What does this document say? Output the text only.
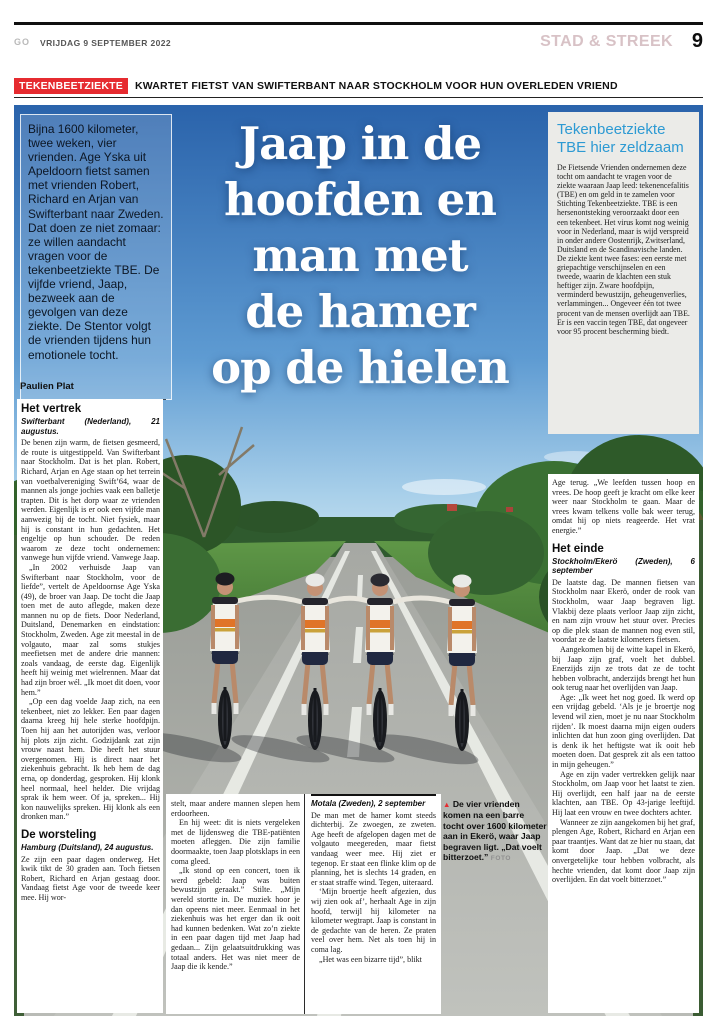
GO VRIJDAG 9 SEPTEMBER 2022	STAD & STREEK 9
TEKENBEETZIEKTE	KWARTET FIETST VAN SWIFTERBANT NAAR STOCKHOLM VOOR HUN OVERLEDEN VRIEND
Jaap in de
hoofden en
man met
de hamer
op de hielen
Bijna 1600 kilometer, twee weken, vier vrienden. Age Yska uit Apeldoorn fietst samen met vrienden Robert, Richard en Arjan van Swifterbant naar Zweden. Dat doen ze niet zomaar: ze willen aandacht vragen voor de tekenbeetziekte TBE. De vijfde vriend, Jaap, bezweek aan de gevolgen van deze ziekte. De Stentor volgt de vrienden tijdens hun emotionele tocht.
Paulien Plat
Het vertrek
Swifterbant (Nederland), 21 augustus.

De benen zijn warm, de fietsen gesmeerd, de route is uitgestippeld. Van Swifterbant naar Stockholm. Dat is het plan. Robert, Richard, Arjan en Age staan op het terrein van voetbalvereniging Swift’64, waar de mannen als jonge jochies vaak een balletje trapten. Dit is het dorp waar ze vrienden werden. Eigenlijk is er ook een vijfde man aanwezig bij de tocht. Niet fysiek, maar hij is constant in hun gedachten. Het engeltje op hun schouder. De reden waarom ze deze tocht ondernemen: vanwege hun vijfde vriend. Vanwege Jaap.

„In 2002 verhuisde Jaap van Swifterbant naar Stockholm, voor de liefde”, vertelt de Apeldoornse Age Yska (49), de broer van Jaap. De tocht die Jaap toen met de auto aflegde, maken deze mannen nu op de fiets. Door Nederland, Duitsland, Denemarken en eindstation: Stockholm, Zweden. Age zit meestal in de volgauto, maar zal soms stukjes meefietsen met de andere drie mannen: zoals vandaag, de eerste dag. Eigenlijk heeft hij weinig met wielrennen. Maar dat had zijn broer wél. „Ik moet dit doen, voor hem.”

„Op een dag voelde Jaap zich, na een tekenbeet, niet zo lekker. Een paar dagen daarna kreeg hij hele sterke hoofdpijn. Toen hij aan het autorijden was, verloor hij plots zijn zicht. Godzijdank zat zijn vrouw naast hem. Die heeft het stuur overgenomen. Hij is direct naar het ziekenhuis gebracht. Ik heb hem de dag erna, op donderdag, gesproken. Hij klonk heel normaal, heel helder. Die vrijdag sprak ik hem weer. Of ja, spreken... Hij kon nauwelijks spreken. Hij klonk als een dronken man.”

De worsteling
Hamburg (Duitsland), 24 augustus.

Ze zijn een paar dagen onderweg. Het kwik tikt de 30 graden aan. Toch fietsen Robert, Richard en Arjan gestaag door. Vandaag fietst Age voor de tweede keer mee. Hij wor-

stelt, maar andere mannen slepen hem erdoorheen.

En hij weet: dit is niets vergeleken met de lijdensweg die TBE-patiënten moeten afleggen. Die zijn familie doormaakte, toen Jaap plotsklaps in een coma gleed.

„Ik stond op een concert, toen ik werd gebeld: Jaap was buiten bewustzijn geraakt.” Stilte. „Mijn wereld stortte in. De muziek hoor je dan opeens niet meer. Eenmaal in het ziekenhuis was het erger dan ik ooit had kunnen bedenken. Wat zo’n ziekte in een paar dagen tijd met Jaap had gedaan... Zijn gelaatsuitdrukking was totaal anders. Het was niet meer de Jaap die ik kende.”

Motala (Zweden), 2 september

De man met de hamer komt steeds dichterbij. Ze zwoegen, ze zweten. Age heeft de afgelopen dagen met de volgauto meegereden, maar fietst vandaag weer mee. Hij ziet er tegenop. Er staat een flinke klim op de planning, het is slechts 14 graden, en er staat straffe wind. Tegen, uiteraard.

‘Mijn broertje heeft afgezien, dus wij zien ook af’, herhaalt Age in zijn hoofd, terwijl hij kilometer na kilometer wegtrapt. Jaap is constant in de gedachte van de heren. Ze praten veel over hem. Net als toen hij in coma lag.

„Het was een bizarre tijd”, blikt

▲ De vier vrienden komen na een barre tocht over 1600 kilometer aan in Ekerö, waar Jaap begraven ligt. „Dat voelt bitterzoet.” FOTO
Tekenbeetziekte TBE hier zeldzaam

De Fietsende Vrienden ondernemen deze tocht om aandacht te vragen voor de ziekte waaraan Jaap leed: tekenencefalitis (TBE) en om geld in te zamelen voor Stichting Tekenbeetziekte. TBE is een hersenontsteking veroorzaakt door een een tekenbeet. Het virus komt nog weinig voor in Nederland, maar is wijd verspreid in onder andere Oostenrijk, Zwitserland, Duitsland en de Scandinavische landen.

De ziekte kent twee fases: een eerste met griepachtige verschijnselen en een tweede, waarin de klachten een stuk heftiger zijn. Zware hoofdpijn, verminderd bewustzijn, geheugenverlies, verlammingen... Ongeveer één tot twee procent van de mensen overlijdt aan TBE. Er is een vaccin tegen TBE, dat ongeveer voor 95 procent bescherming biedt.

Age terug. „We leefden tussen hoop en vrees. De hoop geeft je kracht om elke keer weer naar Stockholm te gaan. Maar de vrees kwam telkens volle bak weer terug, omdat hij op niets reageerde. Het vrat energie.”

Het einde
Stockholm/Ekerö (Zweden), 6 september

De laatste dag. De mannen fietsen van Stockholm naar Ekerö, onder de rook van Stockholm, waar Jaap begraven ligt. Vlakbij deze plaats verloor Jaap zijn zicht, en nam zijn vrouw het stuur over. Precies op die plek staan de mannen nog even stil, voordat ze de laatste kilometers fietsen.

Aangekomen bij de witte kapel in Ekerö, bij Jaap zijn graf, voelt het dubbel. Enerzijds zijn ze trots dat ze de tocht hebben volbracht, anderzijds brengt het hun ook terug naar het overlijden van Jaap.

Age: „Ik weet het nog goed. Ik werd op een vrijdag gebeld. ‘Als je je broertje nog levend wil zien, moet je nu naar Stockholm rijden’. Ik moest daarna mijn eigen ouders inlichten dat hun zoon ging overlijden. Dat is denk ik het heftigste wat ik ooit heb moeten doen. Dat gesprek zit als een tattoo in mijn geheugen.”

Age en zijn vader vertrekken gelijk naar Stockholm, om Jaap voor het laatst te zien. Hij overlijdt, een half jaar na de eerste klachten, aan TBE. Op 43-jarige leeftijd. Hij laat een vrouw en twee dochters achter.

Wanneer ze zijn aangekomen bij het graf, plengen Age, Robert, Richard en Arjan een paar traantjes. Want dat ze hier nu staan, dat komt door Jaap. „Dat we deze onvergetelijke tour hebben volbracht, als hechte vrienden, dat komt door Jaap zijn overlijden. En dat voelt bitterzoet.”
